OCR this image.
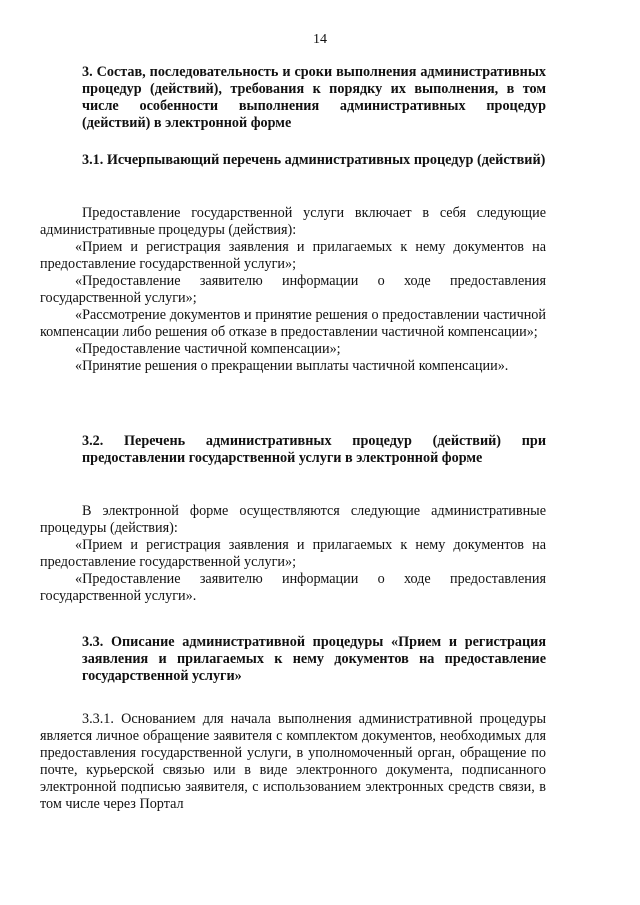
14

3. Состав, последовательность и сроки выполнения административных процедур (действий), требования к порядку их выполнения, в том числе особенности выполнения административных процедур (действий) в электронной форме

3.1. Исчерпывающий перечень административных процедур (действий)

Предоставление государственной услуги включает в себя следующие административные процедуры (действия):

«Прием и регистрация заявления и прилагаемых к нему документов на предоставление государственной услуги»;

«Предоставление заявителю информации о ходе предоставления государственной услуги»;

«Рассмотрение документов и принятие решения о предоставлении частичной компенсации либо решения об отказе в предоставлении частичной компенсации»;

«Предоставление частичной компенсации»;

«Принятие решения о прекращении выплаты частичной компенсации».

3.2. Перечень административных процедур (действий) при предоставлении государственной услуги в электронной форме

В электронной форме осуществляются следующие административные процедуры (действия):

«Прием и регистрация заявления и прилагаемых к нему документов на предоставление государственной услуги»;

«Предоставление заявителю информации о ходе предоставления государственной услуги».

3.3. Описание административной процедуры «Прием и регистрация заявления и прилагаемых к нему документов на предоставление государственной услуги»

3.3.1. Основанием для начала выполнения административной процедуры является личное обращение заявителя с комплектом документов, необходимых для предоставления государственной услуги, в уполномоченный орган, обращение по почте, курьерской связью или в виде электронного документа, подписанного электронной подписью заявителя, с использованием электронных средств связи, в том числе через Портал
